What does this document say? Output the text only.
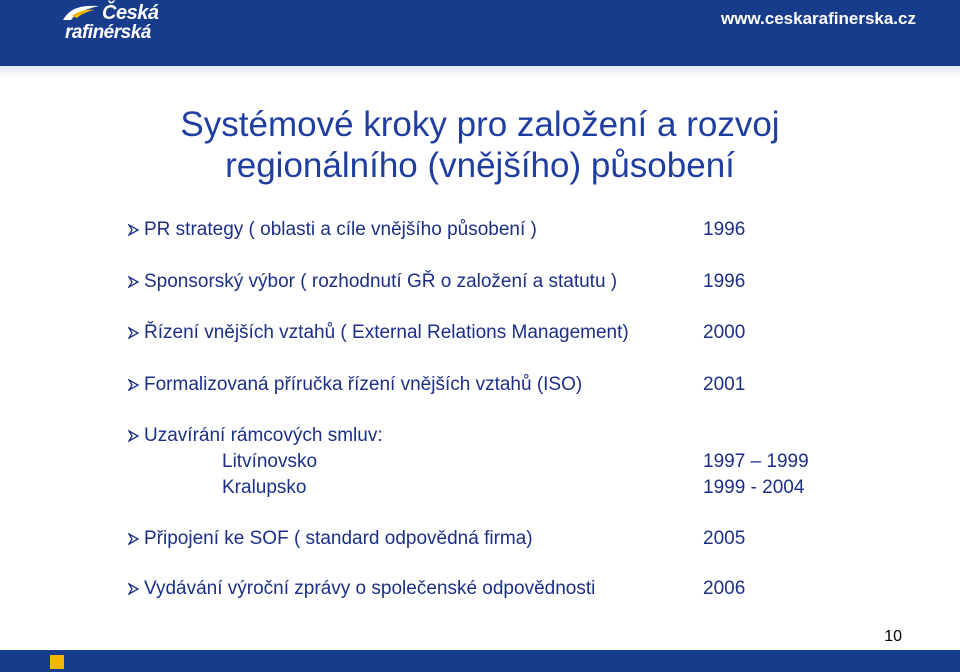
Česká
rafinérská
www.ceskarafinerska.cz
Systémové kroky pro založení a rozvoj
regionálního (vnějšího) působení
PR strategy ( oblasti a cíle vnějšího působení )	1996
Sponsorský výbor ( rozhodnutí GŘ o založení a statutu )	1996
Řízení vnějších vztahů ( External Relations Management)	2000
Formalizovaná příručka řízení vnějších vztahů (ISO)	2001
Uzavírání rámcových smluv:
Litvínovsko	1997 – 1999
Kralupsko	1999 - 2004
Připojení ke SOF ( standard odpovědná firma)	2005
Vydávání výroční zprávy o společenské odpovědnosti	2006
10
